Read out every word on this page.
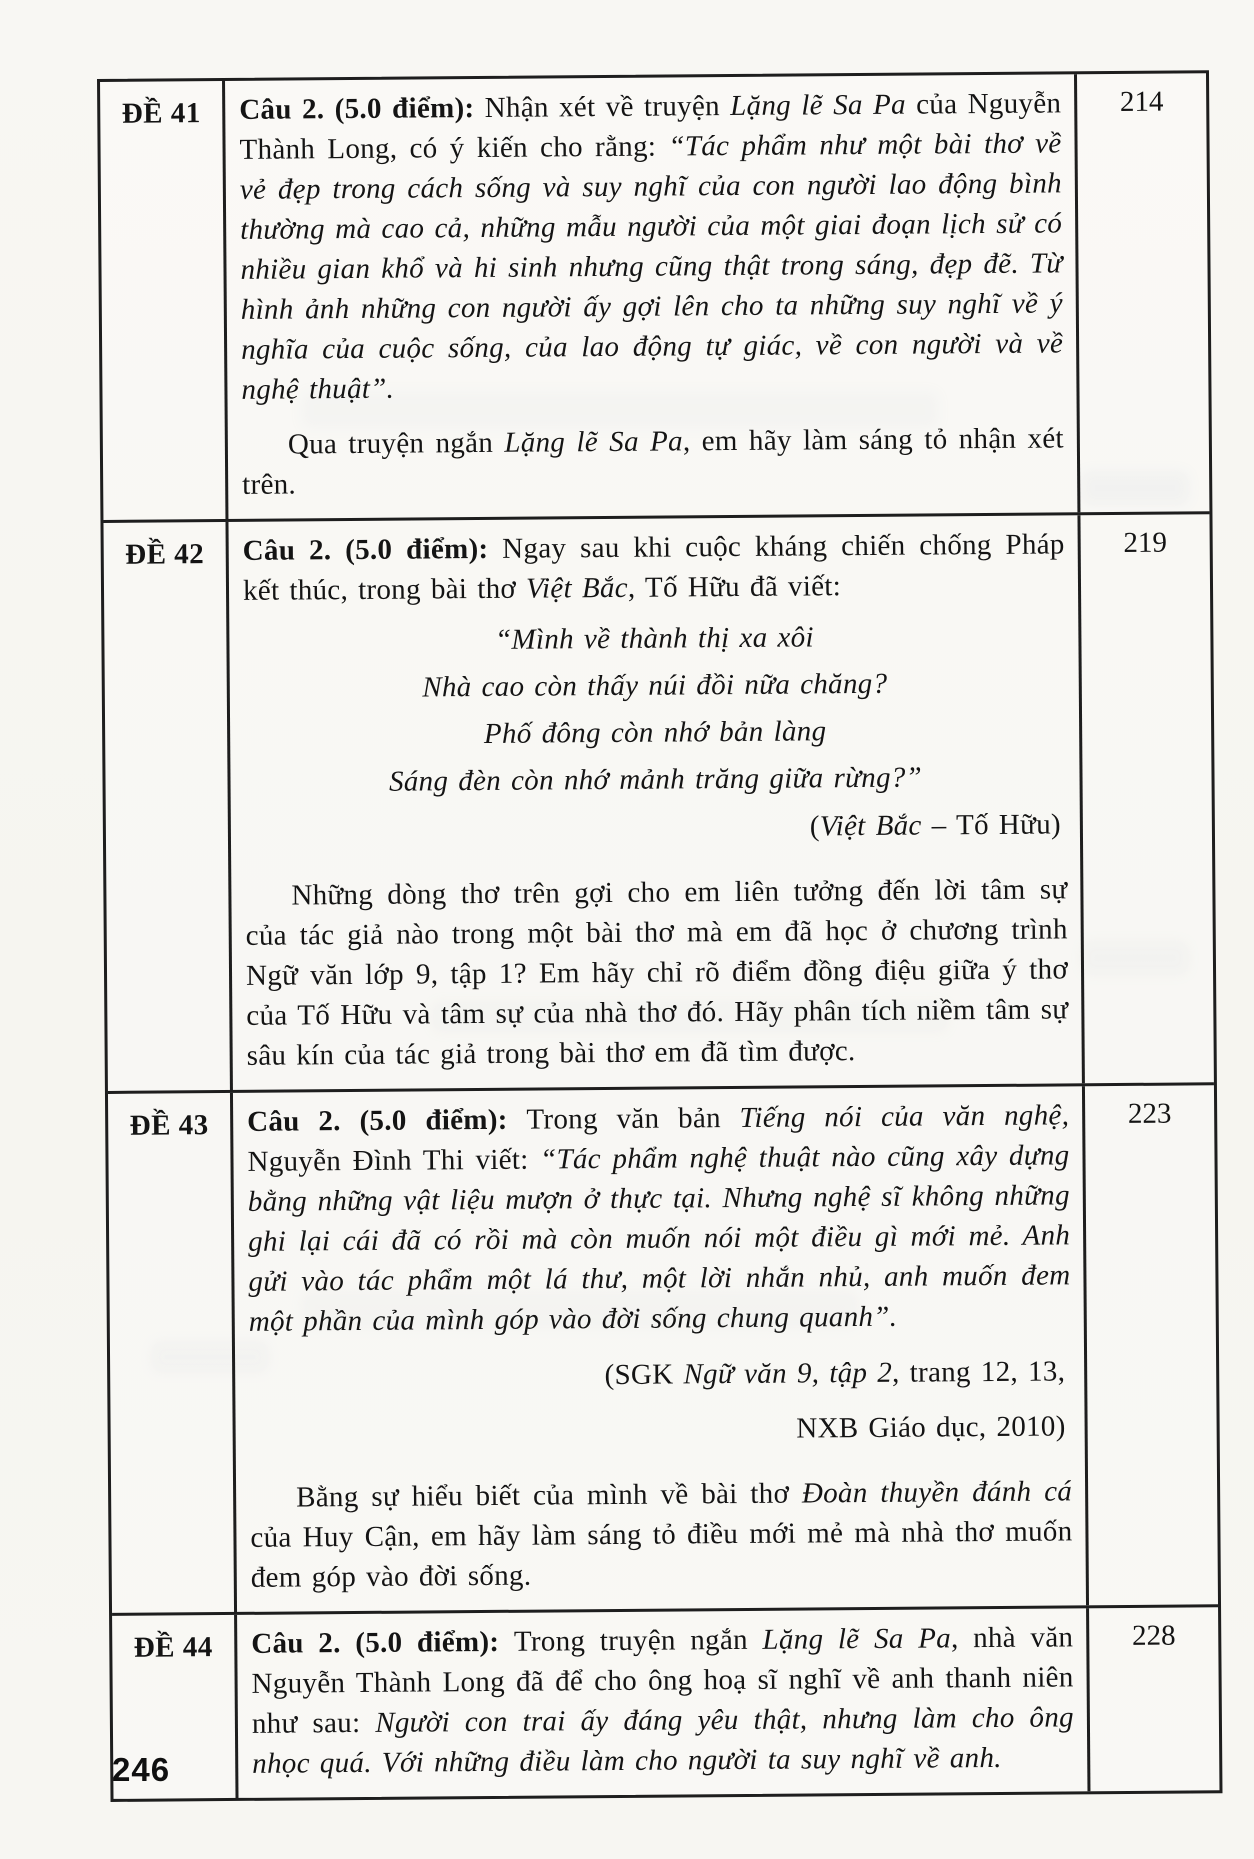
ĐỀ 41	Câu 2. (5.0 điểm): Nhận xét về truyện Lặng lẽ Sa Pa của Nguyễn Thành Long, có ý kiến cho rằng: “Tác phẩm như một bài thơ về vẻ đẹp trong cách sống và suy nghĩ của con người lao động bình thường mà cao cả, những mẫu người của một giai đoạn lịch sử có nhiều gian khổ và hi sinh nhưng cũng thật trong sáng, đẹp đẽ. Từ hình ảnh những con người ấy gợi lên cho ta những suy nghĩ về ý nghĩa của cuộc sống, của lao động tự giác, về con người và về nghệ thuật”.
Qua truyện ngắn Lặng lẽ Sa Pa, em hãy làm sáng tỏ nhận xét trên.
214
ĐỀ 42	Câu 2. (5.0 điểm): Ngay sau khi cuộc kháng chiến chống Pháp kết thúc, trong bài thơ Việt Bắc, Tố Hữu đã viết:
“Mình về thành thị xa xôi
Nhà cao còn thấy núi đồi nữa chăng?
Phố đông còn nhớ bản làng
Sáng đèn còn nhớ mảnh trăng giữa rừng?”
(Việt Bắc – Tố Hữu)
Những dòng thơ trên gợi cho em liên tưởng đến lời tâm sự của tác giả nào trong một bài thơ mà em đã học ở chương trình Ngữ văn lớp 9, tập 1? Em hãy chỉ rõ điểm đồng điệu giữa ý thơ của Tố Hữu và tâm sự của nhà thơ đó. Hãy phân tích niềm tâm sự sâu kín của tác giả trong bài thơ em đã tìm được.
219
ĐỀ 43	Câu 2. (5.0 điểm): Trong văn bản Tiếng nói của văn nghệ, Nguyễn Đình Thi viết: “Tác phẩm nghệ thuật nào cũng xây dựng bằng những vật liệu mượn ở thực tại. Nhưng nghệ sĩ không những ghi lại cái đã có rồi mà còn muốn nói một điều gì mới mẻ. Anh gửi vào tác phẩm một lá thư, một lời nhắn nhủ, anh muốn đem một phần của mình góp vào đời sống chung quanh”.
(SGK Ngữ văn 9, tập 2, trang 12, 13,
NXB Giáo dục, 2010)
Bằng sự hiểu biết của mình về bài thơ Đoàn thuyền đánh cá của Huy Cận, em hãy làm sáng tỏ điều mới mẻ mà nhà thơ muốn đem góp vào đời sống.
223
ĐỀ 44	Câu 2. (5.0 điểm): Trong truyện ngắn Lặng lẽ Sa Pa, nhà văn Nguyễn Thành Long đã để cho ông hoạ sĩ nghĩ về anh thanh niên như sau: Người con trai ấy đáng yêu thật, nhưng làm cho ông nhọc quá. Với những điều làm cho người ta suy nghĩ về anh.
228
246
